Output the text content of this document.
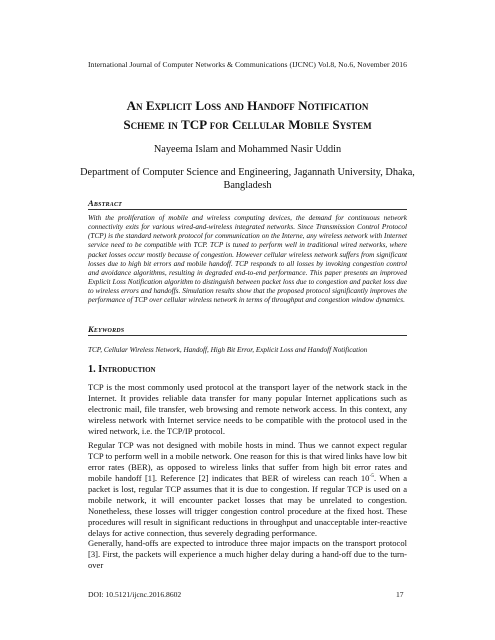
International Journal of Computer Networks & Communications (IJCNC) Vol.8, No.6, November 2016
An Explicit Loss and Handoff Notification
Scheme in TCP for Cellular Mobile System
Nayeema Islam and Mohammed Nasir Uddin
Department of Computer Science and Engineering, Jagannath University, Dhaka, Bangladesh
Abstract
With the proliferation of mobile and wireless computing devices, the demand for continuous network connectivity exits for various wired-and-wireless integrated networks. Since Transmission Control Protocol (TCP) is the standard network protocol for communication on the Interne, any wireless network with Internet service need to be compatible with TCP. TCP is tuned to perform well in traditional wired networks, where packet losses occur mostly because of congestion. However cellular wireless network suffers from significant losses due to high bit errors and mobile handoff. TCP responds to all losses by invoking congestion control and avoidance algorithms, resulting in degraded end-to-end performance. This paper presents an improved Explicit Loss Notification algorithm to distinguish between packet loss due to congestion and packet loss due to wireless errors and handoffs. Simulation results show that the proposed protocol significantly improves the performance of TCP over cellular wireless network in terms of throughput and congestion window dynamics.
Keywords
TCP, Cellular Wireless Network, Handoff, High Bit Error, Explicit Loss and Handoff Notification
1. Introduction
TCP is the most commonly used protocol at the transport layer of the network stack in the Internet. It provides reliable data transfer for many popular Internet applications such as electronic mail, file transfer, web browsing and remote network access. In this context, any wireless network with Internet service needs to be compatible with the protocol used in the wired network, i.e. the TCP/IP protocol.
Regular TCP was not designed with mobile hosts in mind. Thus we cannot expect regular TCP to perform well in a mobile network. One reason for this is that wired links have low bit error rates (BER), as opposed to wireless links that suffer from high bit error rates and mobile handoff [1]. Reference [2] indicates that BER of wireless can reach $10^{-5}$. When a packet is lost, regular TCP assumes that it is due to congestion. If regular TCP is used on a mobile network, it will encounter packet losses that may be unrelated to congestion. Nonetheless, these losses will trigger congestion control procedure at the fixed host. These procedures will result in significant reductions in throughput and unacceptable inter-reactive delays for active connection, thus severely degrading performance.
Generally, hand-offs are expected to introduce three major impacts on the transport protocol [3]. First, the packets will experience a much higher delay during a hand-off due to the turn-over
DOI: 10.5121/ijcnc.2016.8602	17
